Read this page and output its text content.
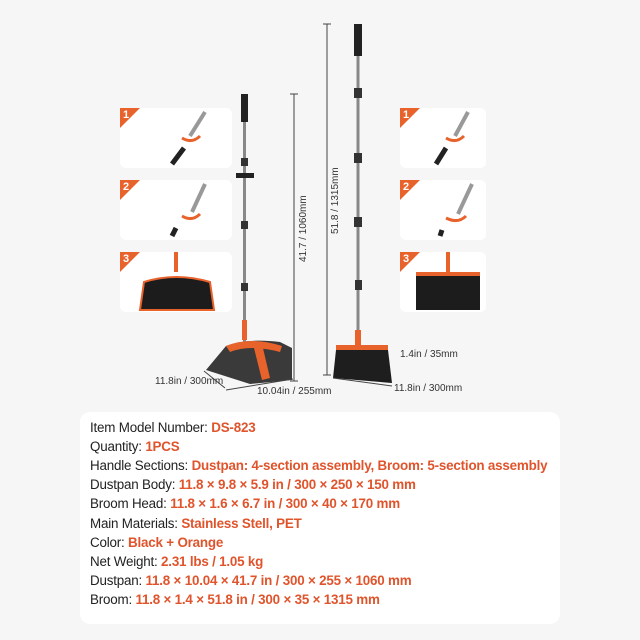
1
2
3
1
2
3
41.7 / 1060mm 51.8 / 1315mm
11.8in / 300mm
10.04in / 255mm
1.4in / 35mm
11.8in / 300mm
Item Model Number: DS-823
Quantity: 1PCS
Handle Sections: Dustpan: 4-section assembly, Broom: 5-section assembly
Dustpan Body: 11.8 × 9.8 × 5.9 in / 300 × 250 × 150 mm
Broom Head: 11.8 × 1.6 × 6.7 in / 300 × 40 × 170 mm
Main Materials: Stainless Stell, PET
Color: Black + Orange
Net Weight: 2.31 lbs / 1.05 kg
Dustpan: 11.8 × 10.04 × 41.7 in / 300 × 255 × 1060 mm
Broom: 11.8 × 1.4 × 51.8 in / 300 × 35 × 1315 mm
